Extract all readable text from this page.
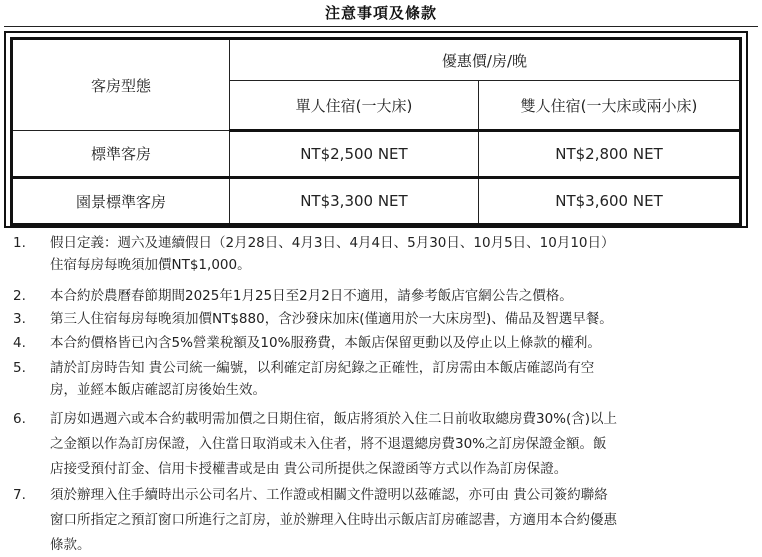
注意事項及條款
客房型態	優惠價/房/晚	
	單人住宿(一大床)	雙人住宿(一大床或兩小床)
標準客房	NT$2,500 NET	NT$2,800 NET
園景標準客房	NT$3,300 NET	NT$3,600 NET
1.	假日定義：週六及連續假日（2月28日、4月3日、4月4日、5月30日、10月5日、10月10日）
住宿每房每晚須加價NT$1,000。
2.	本合約於農曆春節期間2025年1月25日至2月2日不適用，請參考飯店官網公告之價格。
3.	第三人住宿每房每晚須加價NT$880，含沙發床加床(僅適用於一大床房型)、備品及智選早餐。
4.	本合約價格皆已內含5%營業稅額及10%服務費，本飯店保留更動以及停止以上條款的權利。
5.	請於訂房時告知 貴公司統一編號，以利確定訂房紀錄之正確性，訂房需由本飯店確認尚有空
房，並經本飯店確認訂房後始生效。
6.	訂房如遇週六或本合約載明需加價之日期住宿，飯店將須於入住二日前收取總房費30%(含)以上
之金額以作為訂房保證，入住當日取消或未入住者，將不退還總房費30%之訂房保證金額。飯
店接受預付訂金、信用卡授權書或是由 貴公司所提供之保證函等方式以作為訂房保證。
7.	須於辦理入住手續時出示公司名片、工作證或相關文件證明以茲確認，亦可由 貴公司簽約聯絡
窗口所指定之預訂窗口所進行之訂房，並於辦理入住時出示飯店訂房確認書，方適用本合約優惠
條款。
